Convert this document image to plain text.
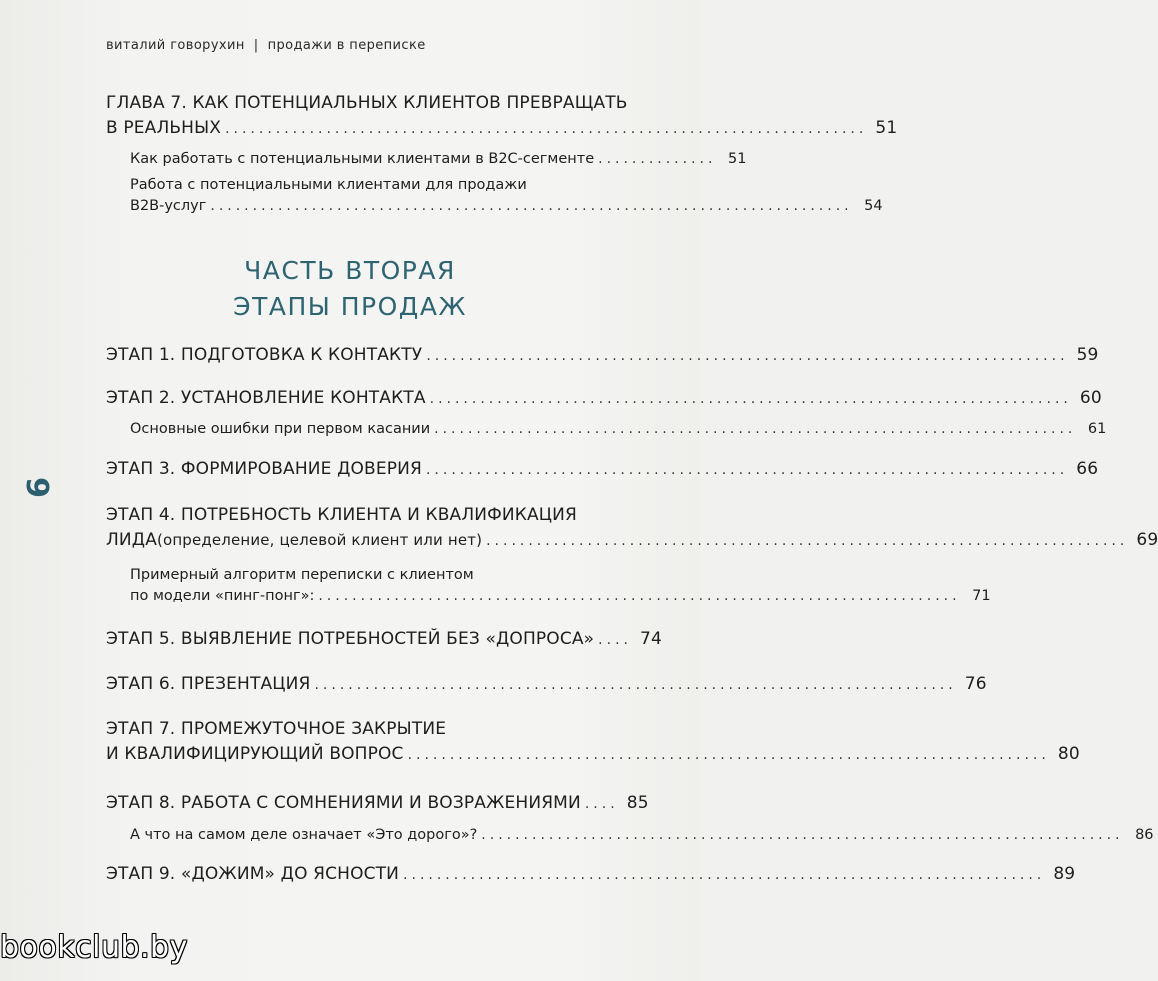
виталий говорухин | продажи в переписке
9
ГЛАВА 7. КАК ПОТЕНЦИАЛЬНЫХ КЛИЕНТОВ ПРЕВРАЩАТЬ
В РЕАЛЬНЫХ ............................................................................ 51
Как работать с потенциальными клиентами в B2C-сегменте .............. 51
Работа с потенциальными клиентами для продажи
B2B-услуг ............................................................................ 54
ЧАСТЬ ВТОРАЯ
ЭТАПЫ ПРОДАЖ
ЭТАП 1. ПОДГОТОВКА К КОНТАКТУ ............................................................................ 59
ЭТАП 2. УСТАНОВЛЕНИЕ КОНТАКТА ............................................................................ 60
Основные ошибки при первом касании ............................................................................ 61
ЭТАП 3. ФОРМИРОВАНИЕ ДОВЕРИЯ ............................................................................ 66
ЭТАП 4. ПОТРЕБНОСТЬ КЛИЕНТА И КВАЛИФИКАЦИЯ
ЛИДА (определение, целевой клиент или нет) ............................................................................ 69
Примерный алгоритм переписки с клиентом
по модели «пинг-понг»: ............................................................................ 71
ЭТАП 5. ВЫЯВЛЕНИЕ ПОТРЕБНОСТЕЙ БЕЗ «ДОПРОСА» .... 74
ЭТАП 6. ПРЕЗЕНТАЦИЯ ............................................................................ 76
ЭТАП 7. ПРОМЕЖУТОЧНОЕ ЗАКРЫТИЕ
И КВАЛИФИЦИРУЮЩИЙ ВОПРОС ............................................................................ 80
ЭТАП 8. РАБОТА С СОМНЕНИЯМИ И ВОЗРАЖЕНИЯМИ .... 85
А что на самом деле означает «Это дорого»? ............................................................................ 86
ЭТАП 9. «ДОЖИМ» ДО ЯСНОСТИ ............................................................................ 89
bookclub.by
